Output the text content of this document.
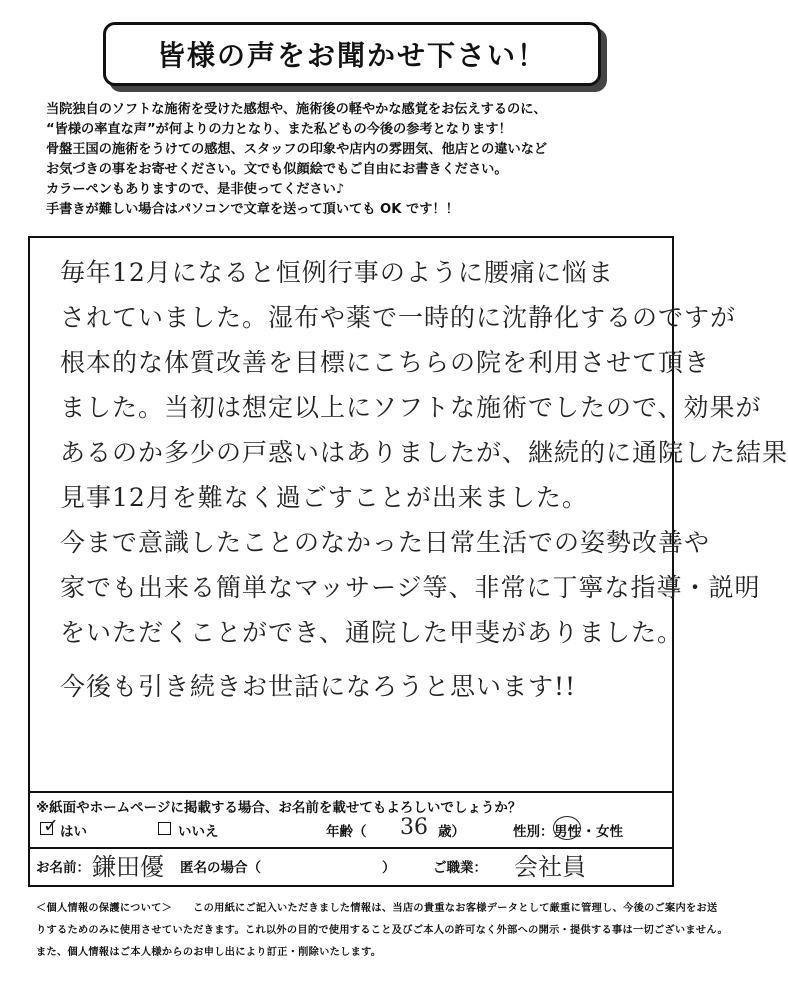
皆様の声をお聞かせ下さい！
当院独自のソフトな施術を受けた感想や、施術後の軽やかな感覚をお伝えするのに、
“皆様の率直な声”が何よりの力となり、また私どもの今後の参考となります！
骨盤王国の施術をうけての感想、スタッフの印象や店内の雰囲気、他店との違いなど
お気づきの事をお寄せください。文でも似顔絵でもご自由にお書きください。
カラーペンもありますので、是非使ってください♪
手書きが難しい場合はパソコンで文章を送って頂いても OK です！！
毎年12月になると恒例行事のように腰痛に悩ま
されていました。湿布や薬で一時的に沈静化するのですが
根本的な体質改善を目標にこちらの院を利用させて頂き
ました。当初は想定以上にソフトな施術でしたので、効果が
あるのか多少の戸惑いはありましたが、継続的に通院した結果
見事12月を難なく過ごすことが出来ました。
今まで意識したことのなかった日常生活での姿勢改善や
家でも出来る簡単なマッサージ等、非常に丁寧な指導・説明
をいただくことができ、通院した甲斐がありました。
今後も引き続きお世話になろうと思います!!
※紙面やホームページに掲載する場合、お名前を載せてもよろしいでしょうか？
✓ はい	いいえ	年齢（ 36 歳）	性別： 男性 ・ 女性
お名前： 鎌田優 匿名の場合（	）	ご職業： 会社員
＜個人情報の保護について＞　　この用紙にご記入いただきました情報は、当店の貴重なお客様データとして厳重に管理し、今後のご案内をお送
りするためのみに使用させていただきます。これ以外の目的で使用すること及びご本人の許可なく外部への開示・提供する事は一切ございません。
また、個人情報はご本人様からのお申し出により訂正・削除いたします。
